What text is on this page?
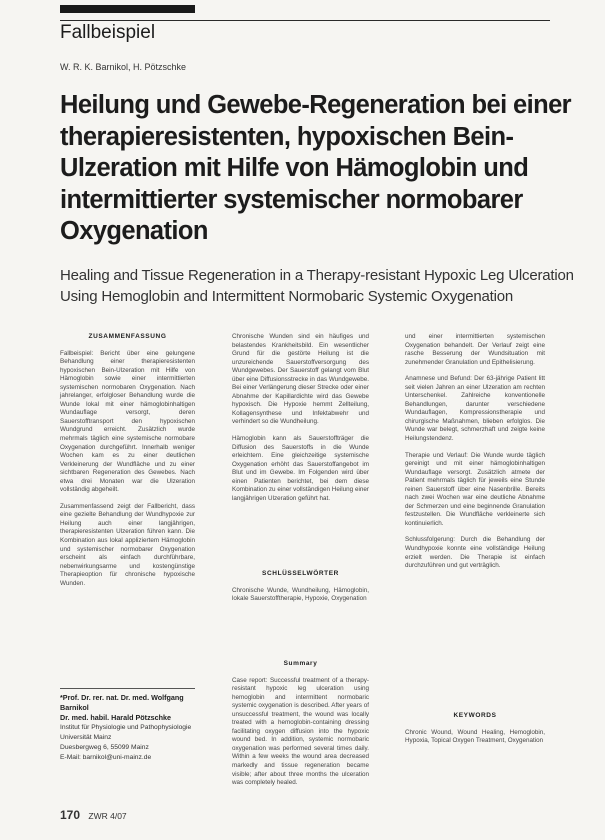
Fallbeispiel
W. R. K. Barnikol, H. Pötzschke
Heilung und Gewebe-Regeneration bei einer therapieresistenten, hypoxischen Bein-Ulzeration mit Hilfe von Hämoglobin und intermittierter systemischer normobarer Oxygenation
Healing and Tissue Regeneration in a Therapy-resistant Hypoxic Leg Ulceration Using Hemoglobin and Intermittent Normobaric Systemic Oxygenation

ZUSAMMENFASSUNG

Fallbeispiel: Bericht über eine gelungene Behandlung einer therapieresistenten hypoxischen Bein-Ulzeration mit Hilfe von Hämoglobin sowie einer intermittierten systemischen normobaren Oxygenation. Nach jahrelanger, erfolgloser Behandlung wurde die Wunde lokal mit einer hämoglobinhaltigen Wundauflage versorgt, deren Sauerstofftransport den hypoxischen Wundgrund erreicht. Zusätzlich wurde mehrmals täglich eine systemische normobare Oxygenation durchgeführt. Innerhalb weniger Wochen kam es zu einer deutlichen Verkleinerung der Wundfläche und zu einer sichtbaren Regeneration des Gewebes. Nach etwa drei Monaten war die Ulzeration vollständig abgeheilt.

Zusammenfassend zeigt der Fallbericht, dass eine gezielte Behandlung der Wundhypoxie zur Heilung auch einer langjährigen, therapieresistenten Ulzeration führen kann. Die Kombination aus lokal appliziertem Hämoglobin und systemischer normobarer Oxygenation erscheint als einfach durchführbare, nebenwirkungsarme und kostengünstige Therapieoption für chronische hypoxische Wunden.

Chronische Wunden sind ein häufiges und belastendes Krankheitsbild. Ein wesentlicher Grund für die gestörte Heilung ist die unzureichende Sauerstoffversorgung des Wundgewebes. Der Sauerstoff gelangt vom Blut über eine Diffusionsstrecke in das Wundgewebe. Bei einer Verlängerung dieser Strecke oder einer Abnahme der Kapillardichte wird das Gewebe hypoxisch. Die Hypoxie hemmt Zellteilung, Kollagensynthese und Infektabwehr und verhindert so die Wundheilung.

Hämoglobin kann als Sauerstoffträger die Diffusion des Sauerstoffs in die Wunde erleichtern. Eine gleichzeitige systemische Oxygenation erhöht das Sauerstoffangebot im Blut und im Gewebe. Im Folgenden wird über einen Patienten berichtet, bei dem diese Kombination zu einer vollständigen Heilung einer langjährigen Ulzeration geführt hat.

SCHLÜSSELWÖRTER

Chronische Wunde, Wundheilung, Hämoglobin, lokale Sauerstofftherapie, Hypoxie, Oxygenation

Summary

Case report: Successful treatment of a therapy-resistant hypoxic leg ulceration using hemoglobin and intermittent normobaric systemic oxygenation is described. After years of unsuccessful treatment, the wound was locally treated with a hemoglobin-containing dressing facilitating oxygen diffusion into the hypoxic wound bed. In addition, systemic normobaric oxygenation was performed several times daily. Within a few weeks the wound area decreased markedly and tissue regeneration became visible; after about three months the ulceration was completely healed.

und einer intermittierten systemischen Oxygenation behandelt. Der Verlauf zeigt eine rasche Besserung der Wundsituation mit zunehmender Granulation und Epithelisierung.

Anamnese und Befund: Der 63-jährige Patient litt seit vielen Jahren an einer Ulzeration am rechten Unterschenkel. Zahlreiche konventionelle Behandlungen, darunter verschiedene Wundauflagen, Kompressionstherapie und chirurgische Maßnahmen, blieben erfolglos. Die Wunde war belegt, schmerzhaft und zeigte keine Heilungstendenz.

Therapie und Verlauf: Die Wunde wurde täglich gereinigt und mit einer hämoglobinhaltigen Wundauflage versorgt. Zusätzlich atmete der Patient mehrmals täglich für jeweils eine Stunde reinen Sauerstoff über eine Nasenbrille. Bereits nach zwei Wochen war eine deutliche Abnahme der Schmerzen und eine beginnende Granulation festzustellen. Die Wundfläche verkleinerte sich kontinuierlich.

Schlussfolgerung: Durch die Behandlung der Wundhypoxie konnte eine vollständige Heilung erzielt werden. Die Therapie ist einfach durchzuführen und gut verträglich.

KEYWORDS

Chronic Wound, Wound Healing, Hemoglobin, Hypoxia, Topical Oxygen Treatment, Oxygenation

*Prof. Dr. rer. nat. Dr. med. Wolfgang Barnikol
Dr. med. habil. Harald Pötzschke
Institut für Physiologie und Pathophysiologie
Universität Mainz
Duesbergweg 6, 55099 Mainz
E-Mail: barnikol@uni-mainz.de
170 ZWR 4/07
